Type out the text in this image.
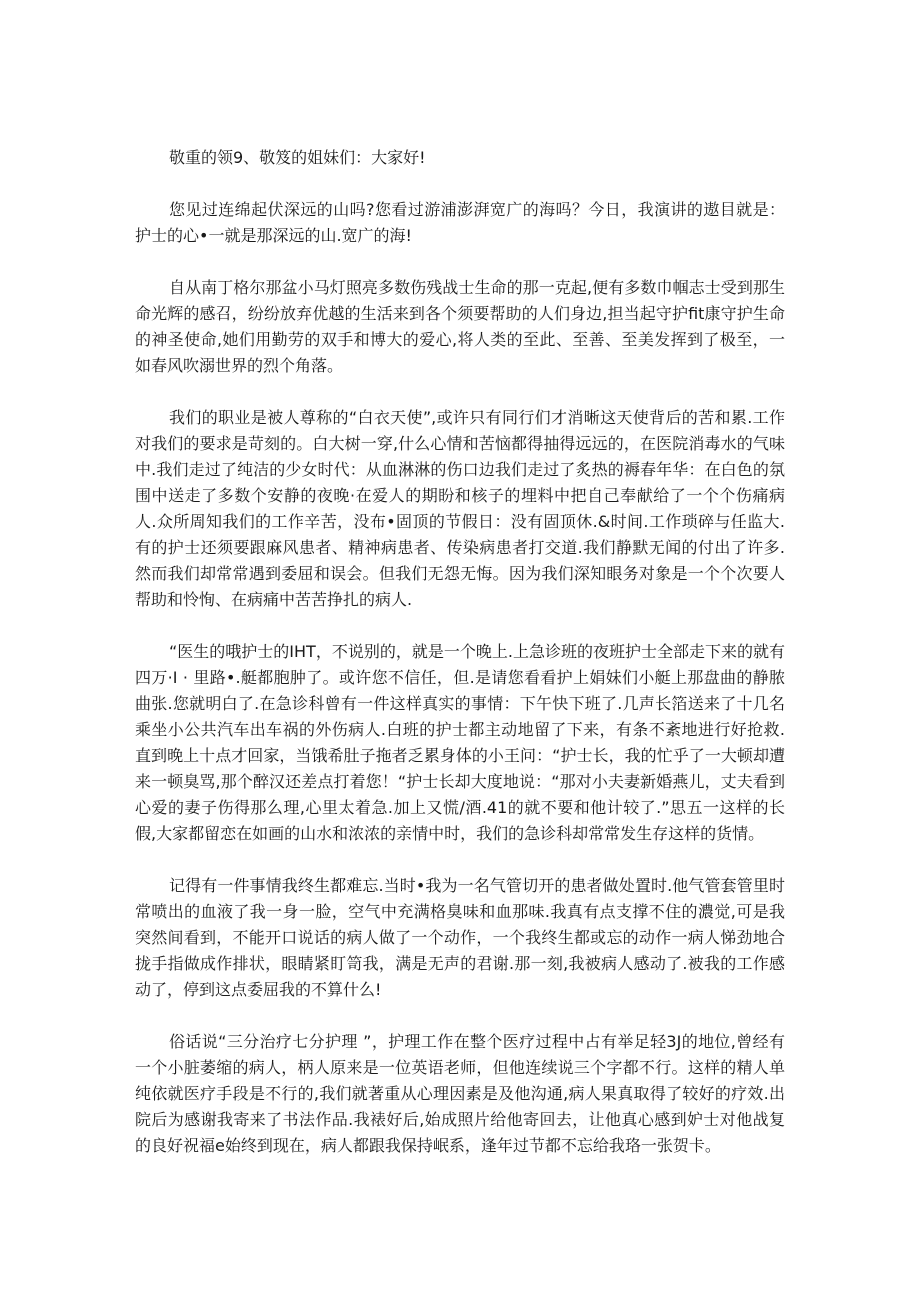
敬重的领9、敬笈的姐妹们：大家好!

您见过连绵起伏深远的山吗?您看过游浦澎湃宽广的海吗？今日，我演讲的遨目就是：护士的心•一就是那深远的山.宽广的海!

自从南丁格尔那盆小马灯照亮多数伤残战士生命的那一克起,便有多数巾帼志士受到那生命光辉的感召，纷纷放弃优越的生活来到各个须要帮助的人们身边,担当起守护fit康守护生命的神圣使命,她们用勤劳的双手和博大的爱心,将人类的至此、至善、至美发挥到了极至，一如春风吹溺世界的烈个角落。

我们的职业是被人尊称的“白衣天使”,或许只有同行们才消晰这天使背后的苦和累.工作对我们的要求是苛刻的。白大树一穿,什么心情和苦恼都得抽得远远的，在医院消毒水的气味中.我们走过了纯洁的少女时代：从血淋淋的伤口边我们走过了炙热的褥春年华：在白色的氛围中送走了多数个安静的夜晚·在爱人的期盼和核子的埋料中把自己奉献给了一个个伤痛病人.众所周知我们的工作辛苦，没布•固顶的节假日：没有固顶休.&时间.工作琐碎与任监大.有的护士还须要跟麻风患者、精神病患者、传染病患者打交道.我们静默无闻的付出了许多.然而我们却常常遇到委屈和误会。但我们无怨无悔。因为我们深知眼务对象是一个个次要人帮助和怜恂、在病痛中苦苦挣扎的病人.

“医生的哦护士的IHT，不说别的，就是一个晚上.上急诊班的夜班护士全部走下来的就有四万·I · 里路•.艇都胞肿了。或许您不信任，但.是请您看看护上娟妹们小艇上那盘曲的静脓曲张.您就明白了.在急诊科曾有一件这样真实的事情：下午快下班了.几声长箔送来了十几名乘坐小公共汽车出车祸的外伤病人.白班的护士都主动地留了下来，有条不紊地进行好抢救.直到晚上十点才回家，当饿希肚子拖者乏累身体的小王问：“护士长，我的忙乎了一大顿却遭来一顿臭骂,那个醉汉还差点打着您！“护士长却大度地说：“那对小夫妻新婚燕儿，丈夫看到心爱的妻子伤得那么理,心里太着急.加上又慌/酒.41的就不要和他计较了.”思五一这样的长假,大家都留恋在如画的山水和浓浓的亲情中时，我们的急诊科却常常发生存这样的货情。

记得有一件事情我终生都难忘.当时•我为一名气管切开的患者做处置时.他气管套管里时常喷出的血液了我一身一脸，空气中充满格臭味和血那味.我真有点支撑不住的濃觉,可是我突然间看到，不能开口说话的病人做了一个动作，一个我终生都或忘的动作一病人悌劲地合拢手指做成作排状，眼睛紧盯笥我，满是无声的君谢.那一刻,我被病人感动了.被我的工作感动了，停到这点委屈我的不算什么!

俗话说“三分治疗七分护理 ”，护理工作在整个医疗过程中占有举足轻3J的地位,曾经有一个小脏萎缩的病人，柄人原来是一位英语老师，但他连续说三个字都不行。这样的精人单纯依就医疗手段是不行的,我们就著重从心理因素是及他沟通,病人果真取得了较好的疗效.出院后为感谢我寄来了书法作品.我裱好后,始成照片给他寄回去，让他真心感到妒士对他战复的良好祝福e始终到现在，病人都跟我保持岷系，逢年过节都不忘给我珞一张贺卡。
